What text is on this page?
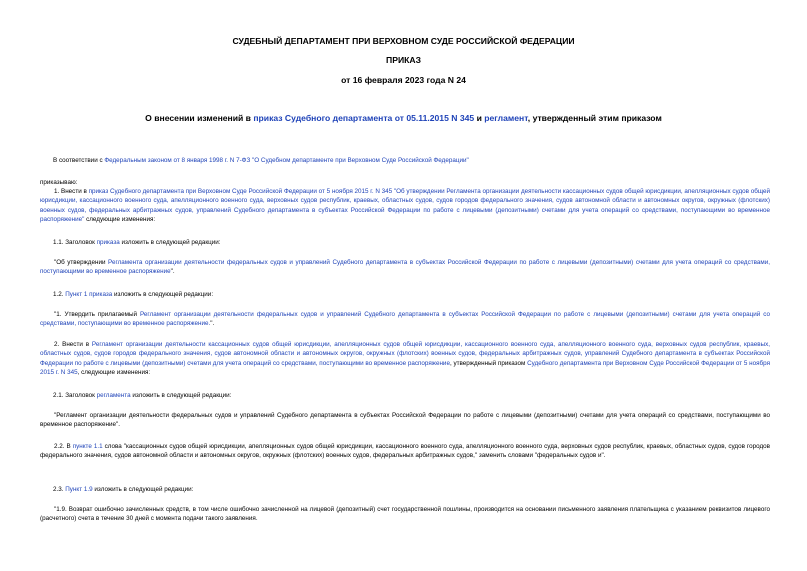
СУДЕБНЫЙ ДЕПАРТАМЕНТ ПРИ ВЕРХОВНОМ СУДЕ РОССИЙСКОЙ ФЕДЕРАЦИИ
ПРИКАЗ
от 16 февраля 2023 года N 24
О внесении изменений в приказ Судебного департамента от 05.11.2015 N 345 и регламент, утвержденный этим приказом
В соответствии с Федеральным законом от 8 января 1998 г. N 7-ФЗ "О Судебном департаменте при Верховном Суде Российской Федерации"
приказываю:
1. Внести в приказ Судебного департамента при Верховном Суде Российской Федерации от 5 ноября 2015 г. N 345 "Об утверждении Регламента организации деятельности кассационных судов общей юрисдикции, апелляционных судов общей юрисдикции, кассационного военного суда, апелляционного военного суда, верховных судов республик, краевых, областных судов, судов городов федерального значения, судов автономной области и автономных округов, окружных (флотских) военных судов, федеральных арбитражных судов, управлений Судебного департамента в субъектах Российской Федерации по работе с лицевыми (депозитными) счетами для учета операций со средствами, поступающими во временное распоряжение" следующие изменения:
1.1. Заголовок приказа изложить в следующей редакции:
"Об утверждении Регламента организации деятельности федеральных судов и управлений Судебного департамента в субъектах Российской Федерации по работе с лицевыми (депозитными) счетами для учета операций со средствами, поступающими во временное распоряжение".
1.2. Пункт 1 приказа изложить в следующей редакции:
"1. Утвердить прилагаемый Регламент организации деятельности федеральных судов и управлений Судебного департамента в субъектах Российской Федерации по работе с лицевыми (депозитными) счетами для учета операций со средствами, поступающими во временное распоряжение.".
2. Внести в Регламент организации деятельности кассационных судов общей юрисдикции, апелляционных судов общей юрисдикции, кассационного военного суда, апелляционного военного суда, верховных судов республик, краевых, областных судов, судов городов федерального значения, судов автономной области и автономных округов, окружных (флотских) военных судов, федеральных арбитражных судов, управлений Судебного департамента в субъектах Российской Федерации по работе с лицевыми (депозитными) счетами для учета операций со средствами, поступающими во временное распоряжение, утвержденный приказом Судебного департамента при Верховном Суде Российской Федерации от 5 ноября 2015 г. N 345, следующие изменения:
2.1. Заголовок регламента изложить в следующей редакции:
"Регламент организации деятельности федеральных судов и управлений Судебного департамента в субъектах Российской Федерации по работе с лицевыми (депозитными) счетами для учета операций со средствами, поступающими во временное распоряжение".
2.2. В пункте 1.1 слова "кассационных судов общей юрисдикции, апелляционных судов общей юрисдикции, кассационного военного суда, апелляционного военного суда, верховных судов республик, краевых, областных судов, судов городов федерального значения, судов автономной области и автономных округов, окружных (флотских) военных судов, федеральных арбитражных судов," заменить словами "федеральных судов и".
2.3. Пункт 1.9 изложить в следующей редакции:
"1.9. Возврат ошибочно зачисленных средств, в том числе ошибочно зачисленной на лицевой (депозитный) счет государственной пошлины, производится на основании письменного заявления плательщика с указанием реквизитов лицевого (расчетного) счета в течение 30 дней с момента подачи такого заявления.
